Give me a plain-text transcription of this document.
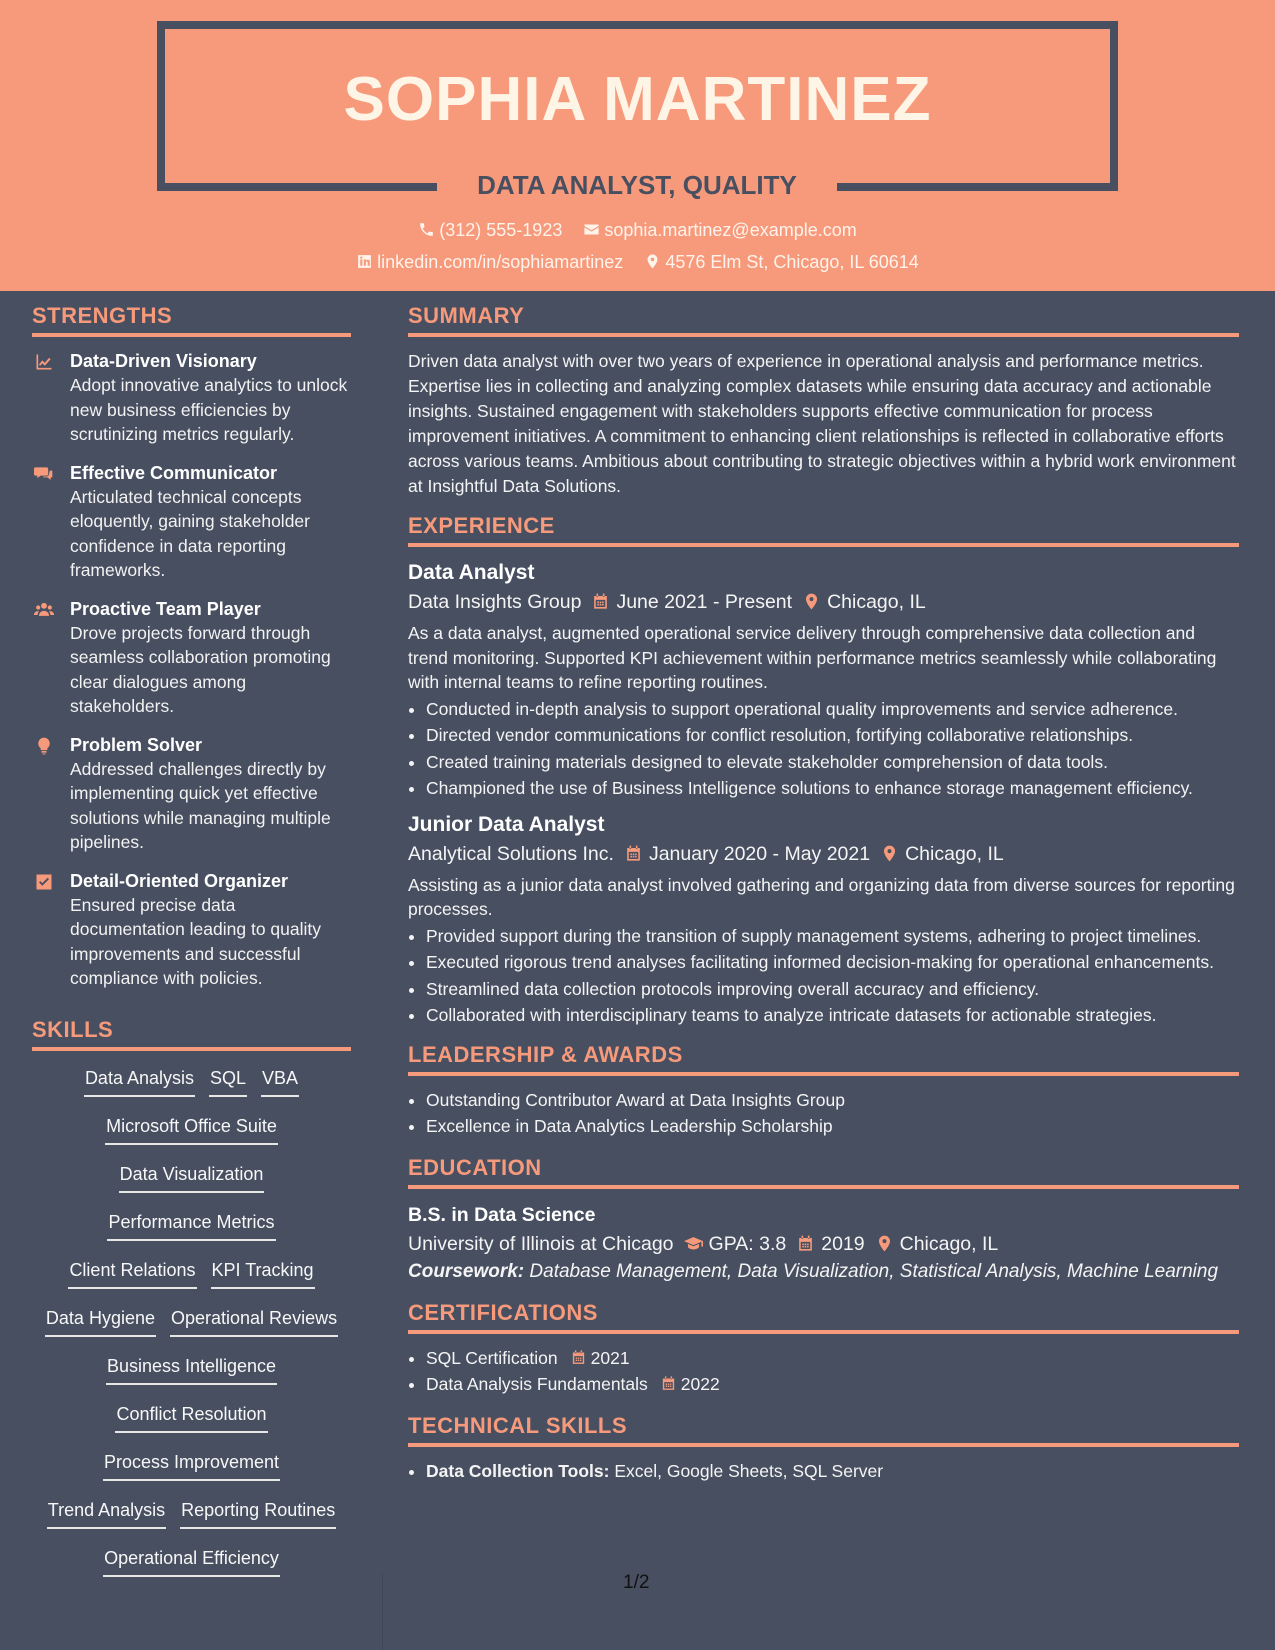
SOPHIA MARTINEZ
DATA ANALYST, QUALITY
(312) 555-1923 sophia.martinez@example.com
linkedin.com/in/sophiamartinez 4576 Elm St, Chicago, IL 60614
STRENGTHS
Data-Driven Visionary

Adopt innovative analytics to unlock new business efficiencies by scrutinizing metrics regularly.

Effective Communicator

Articulated technical concepts eloquently, gaining stakeholder confidence in data reporting frameworks.

Proactive Team Player

Drove projects forward through seamless collaboration promoting clear dialogues among stakeholders.

Problem Solver

Addressed challenges directly by implementing quick yet effective solutions while managing multiple pipelines.

Detail-Oriented Organizer

Ensured precise data documentation leading to quality improvements and successful compliance with policies.

SKILLS
Data Analysis SQL VBA
Microsoft Office Suite
Data Visualization
Performance Metrics
Client Relations KPI Tracking
Data Hygiene Operational Reviews
Business Intelligence
Conflict Resolution
Process Improvement
Trend Analysis Reporting Routines
Operational Efficiency
SUMMARY

Driven data analyst with over two years of experience in operational analysis and performance metrics. Expertise lies in collecting and analyzing complex datasets while ensuring data accuracy and actionable insights. Sustained engagement with stakeholders supports effective communication for process improvement initiatives. A commitment to enhancing client relationships is reflected in collaborative efforts across various teams. Ambitious about contributing to strategic objectives within a hybrid work environment at Insightful Data Solutions.

EXPERIENCE
Data Analyst
Data Insights Group June 2021 - Present Chicago, IL

As a data analyst, augmented operational service delivery through comprehensive data collection and trend monitoring. Supported KPI achievement within performance metrics seamlessly while collaborating with internal teams to refine reporting routines.

• Conducted in-depth analysis to support operational quality improvements and service adherence.
• Directed vendor communications for conflict resolution, fortifying collaborative relationships.
• Created training materials designed to elevate stakeholder comprehension of data tools.
• Championed the use of Business Intelligence solutions to enhance storage management efficiency.
Junior Data Analyst
Analytical Solutions Inc. January 2020 - May 2021 Chicago, IL

Assisting as a junior data analyst involved gathering and organizing data from diverse sources for reporting processes.

• Provided support during the transition of supply management systems, adhering to project timelines.
• Executed rigorous trend analyses facilitating informed decision-making for operational enhancements.
• Streamlined data collection protocols improving overall accuracy and efficiency.
• Collaborated with interdisciplinary teams to analyze intricate datasets for actionable strategies.
LEADERSHIP & AWARDS
• Outstanding Contributor Award at Data Insights Group
• Excellence in Data Analytics Leadership Scholarship
EDUCATION
B.S. in Data Science
University of Illinois at Chicago GPA: 3.8 2019 Chicago, IL

Coursework: Database Management, Data Visualization, Statistical Analysis, Machine Learning

CERTIFICATIONS
• SQL Certification 2021
• Data Analysis Fundamentals 2022
TECHNICAL SKILLS
• Data Collection Tools: Excel, Google Sheets, SQL Server
1/2
